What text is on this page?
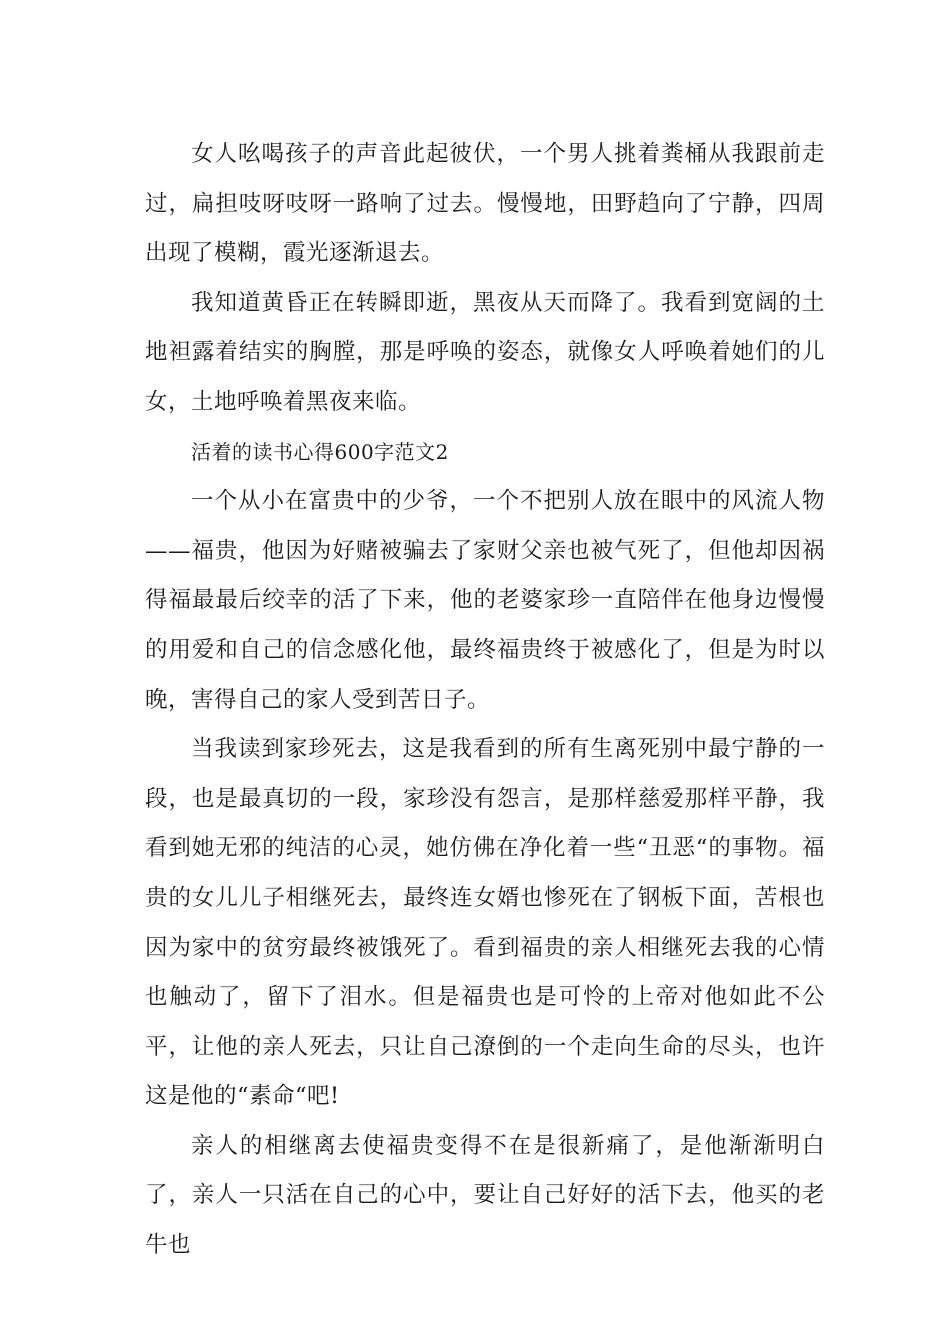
女人吆喝孩子的声音此起彼伏，一个男人挑着粪桶从我跟前走过，扁担吱呀吱呀一路响了过去。慢慢地，田野趋向了宁静，四周出现了模糊，霞光逐渐退去。

我知道黄昏正在转瞬即逝，黑夜从天而降了。我看到宽阔的土地袒露着结实的胸膛，那是呼唤的姿态，就像女人呼唤着她们的儿女，土地呼唤着黑夜来临。

活着的读书心得600字范文2

一个从小在富贵中的少爷，一个不把别人放在眼中的风流人物——福贵，他因为好赌被骗去了家财父亲也被气死了，但他却因祸得福最最后绞幸的活了下来，他的老婆家珍一直陪伴在他身边慢慢的用爱和自己的信念感化他，最终福贵终于被感化了，但是为时以晚，害得自己的家人受到苦日子。

当我读到家珍死去，这是我看到的所有生离死别中最宁静的一段，也是最真切的一段，家珍没有怨言，是那样慈爱那样平静，我看到她无邪的纯洁的心灵，她仿佛在净化着一些“丑恶“的事物。福贵的女儿儿子相继死去，最终连女婿也惨死在了钢板下面，苦根也因为家中的贫穷最终被饿死了。看到福贵的亲人相继死去我的心情也触动了，留下了泪水。但是福贵也是可怜的上帝对他如此不公平，让他的亲人死去，只让自己潦倒的一个走向生命的尽头，也许这是他的“素命“吧!

亲人的相继离去使福贵变得不在是很新痛了，是他渐渐明白了，亲人一只活在自己的心中，要让自己好好的活下去，他买的老牛也
